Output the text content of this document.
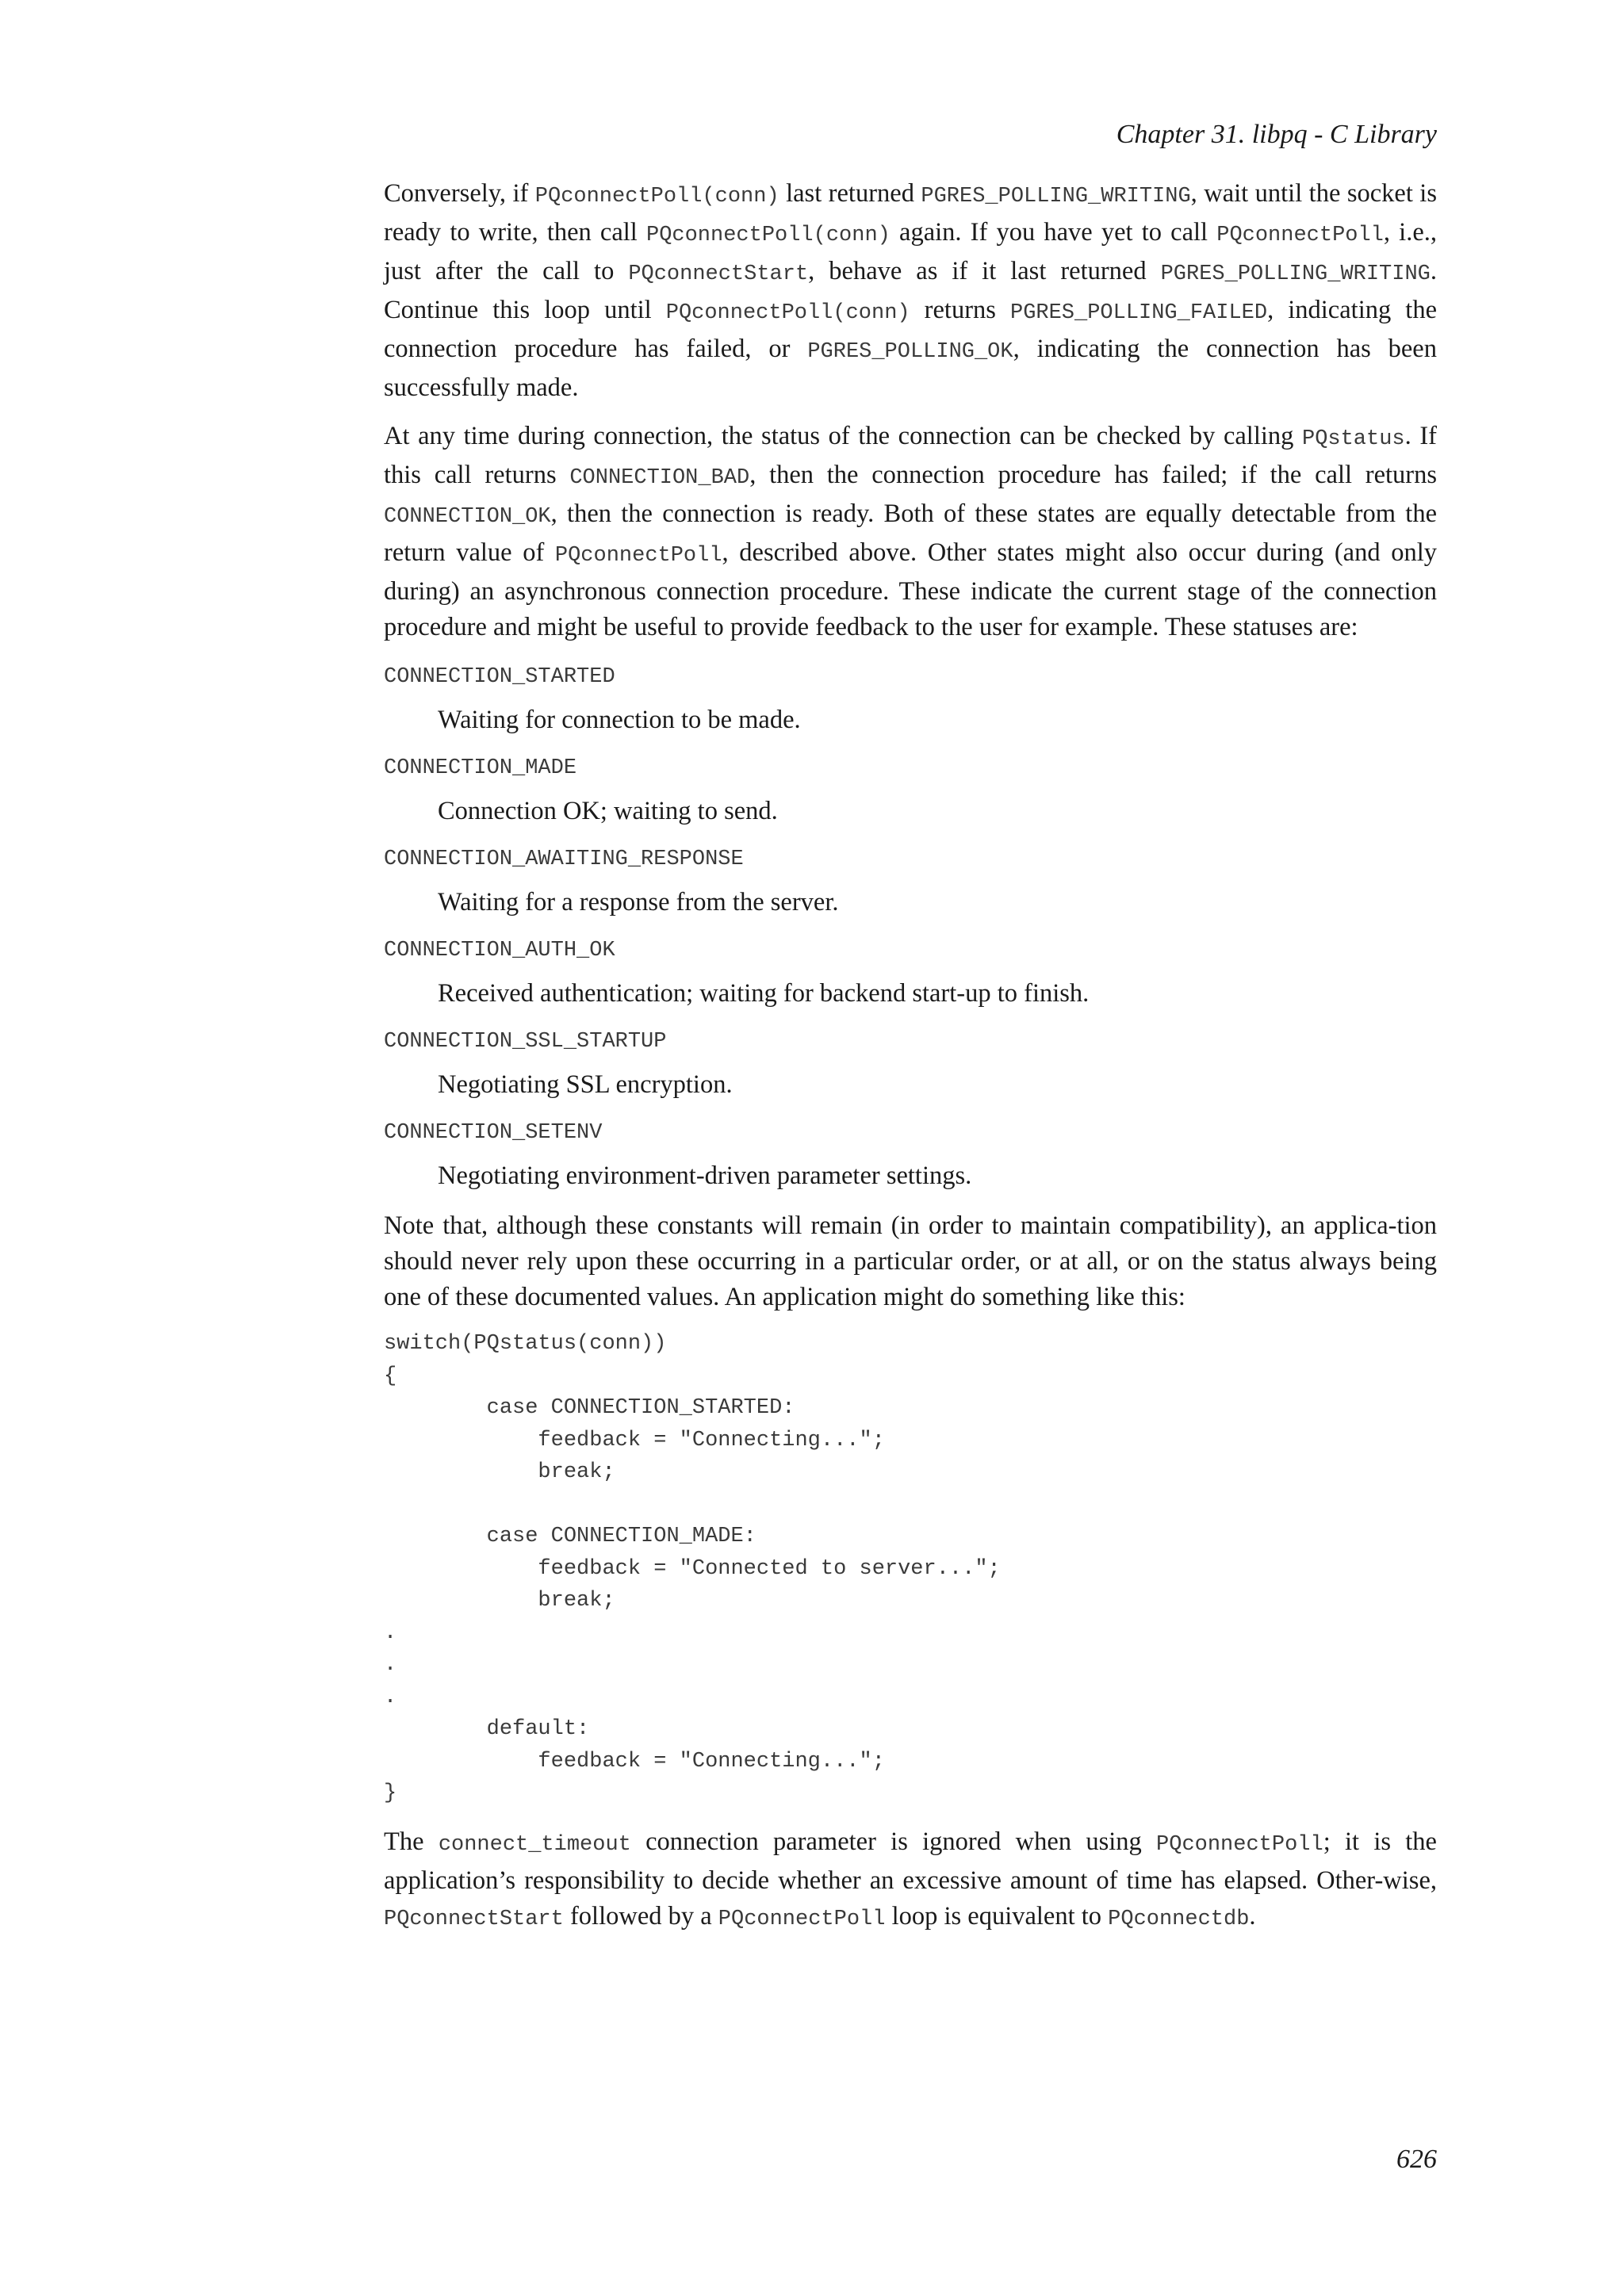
Chapter 31. libpq - C Library

Conversely, if PQconnectPoll(conn) last returned PGRES_POLLING_WRITING, wait until the socket is ready to write, then call PQconnectPoll(conn) again. If you have yet to call PQconnectPoll, i.e., just after the call to PQconnectStart, behave as if it last returned PGRES_POLLING_WRITING. Continue this loop until PQconnectPoll(conn) returns PGRES_POLLING_FAILED, indicating the connection procedure has failed, or PGRES_POLLING_OK, indicating the connection has been successfully made.

At any time during connection, the status of the connection can be checked by calling PQstatus. If this call returns CONNECTION_BAD, then the connection procedure has failed; if the call returns CONNECTION_OK, then the connection is ready. Both of these states are equally detectable from the return value of PQconnectPoll, described above. Other states might also occur during (and only during) an asynchronous connection procedure. These indicate the current stage of the connection procedure and might be useful to provide feedback to the user for example. These statuses are:

CONNECTION_STARTED
Waiting for connection to be made.
CONNECTION_MADE
Connection OK; waiting to send.
CONNECTION_AWAITING_RESPONSE
Waiting for a response from the server.
CONNECTION_AUTH_OK
Received authentication; waiting for backend start-up to finish.
CONNECTION_SSL_STARTUP
Negotiating SSL encryption.
CONNECTION_SETENV
Negotiating environment-driven parameter settings.

Note that, although these constants will remain (in order to maintain compatibility), an applica-tion should never rely upon these occurring in a particular order, or at all, or on the status always being one of these documented values. An application might do something like this:

switch(PQstatus(conn))
{
case CONNECTION_STARTED:
feedback = "Connecting...";
break;

case CONNECTION_MADE:
feedback = "Connected to server...";
break;
.
.
.
default:
feedback = "Connecting...";
}

The connect_timeout connection parameter is ignored when using PQconnectPoll; it is the application’s responsibility to decide whether an excessive amount of time has elapsed. Other-wise, PQconnectStart followed by a PQconnectPoll loop is equivalent to PQconnectdb.

626
